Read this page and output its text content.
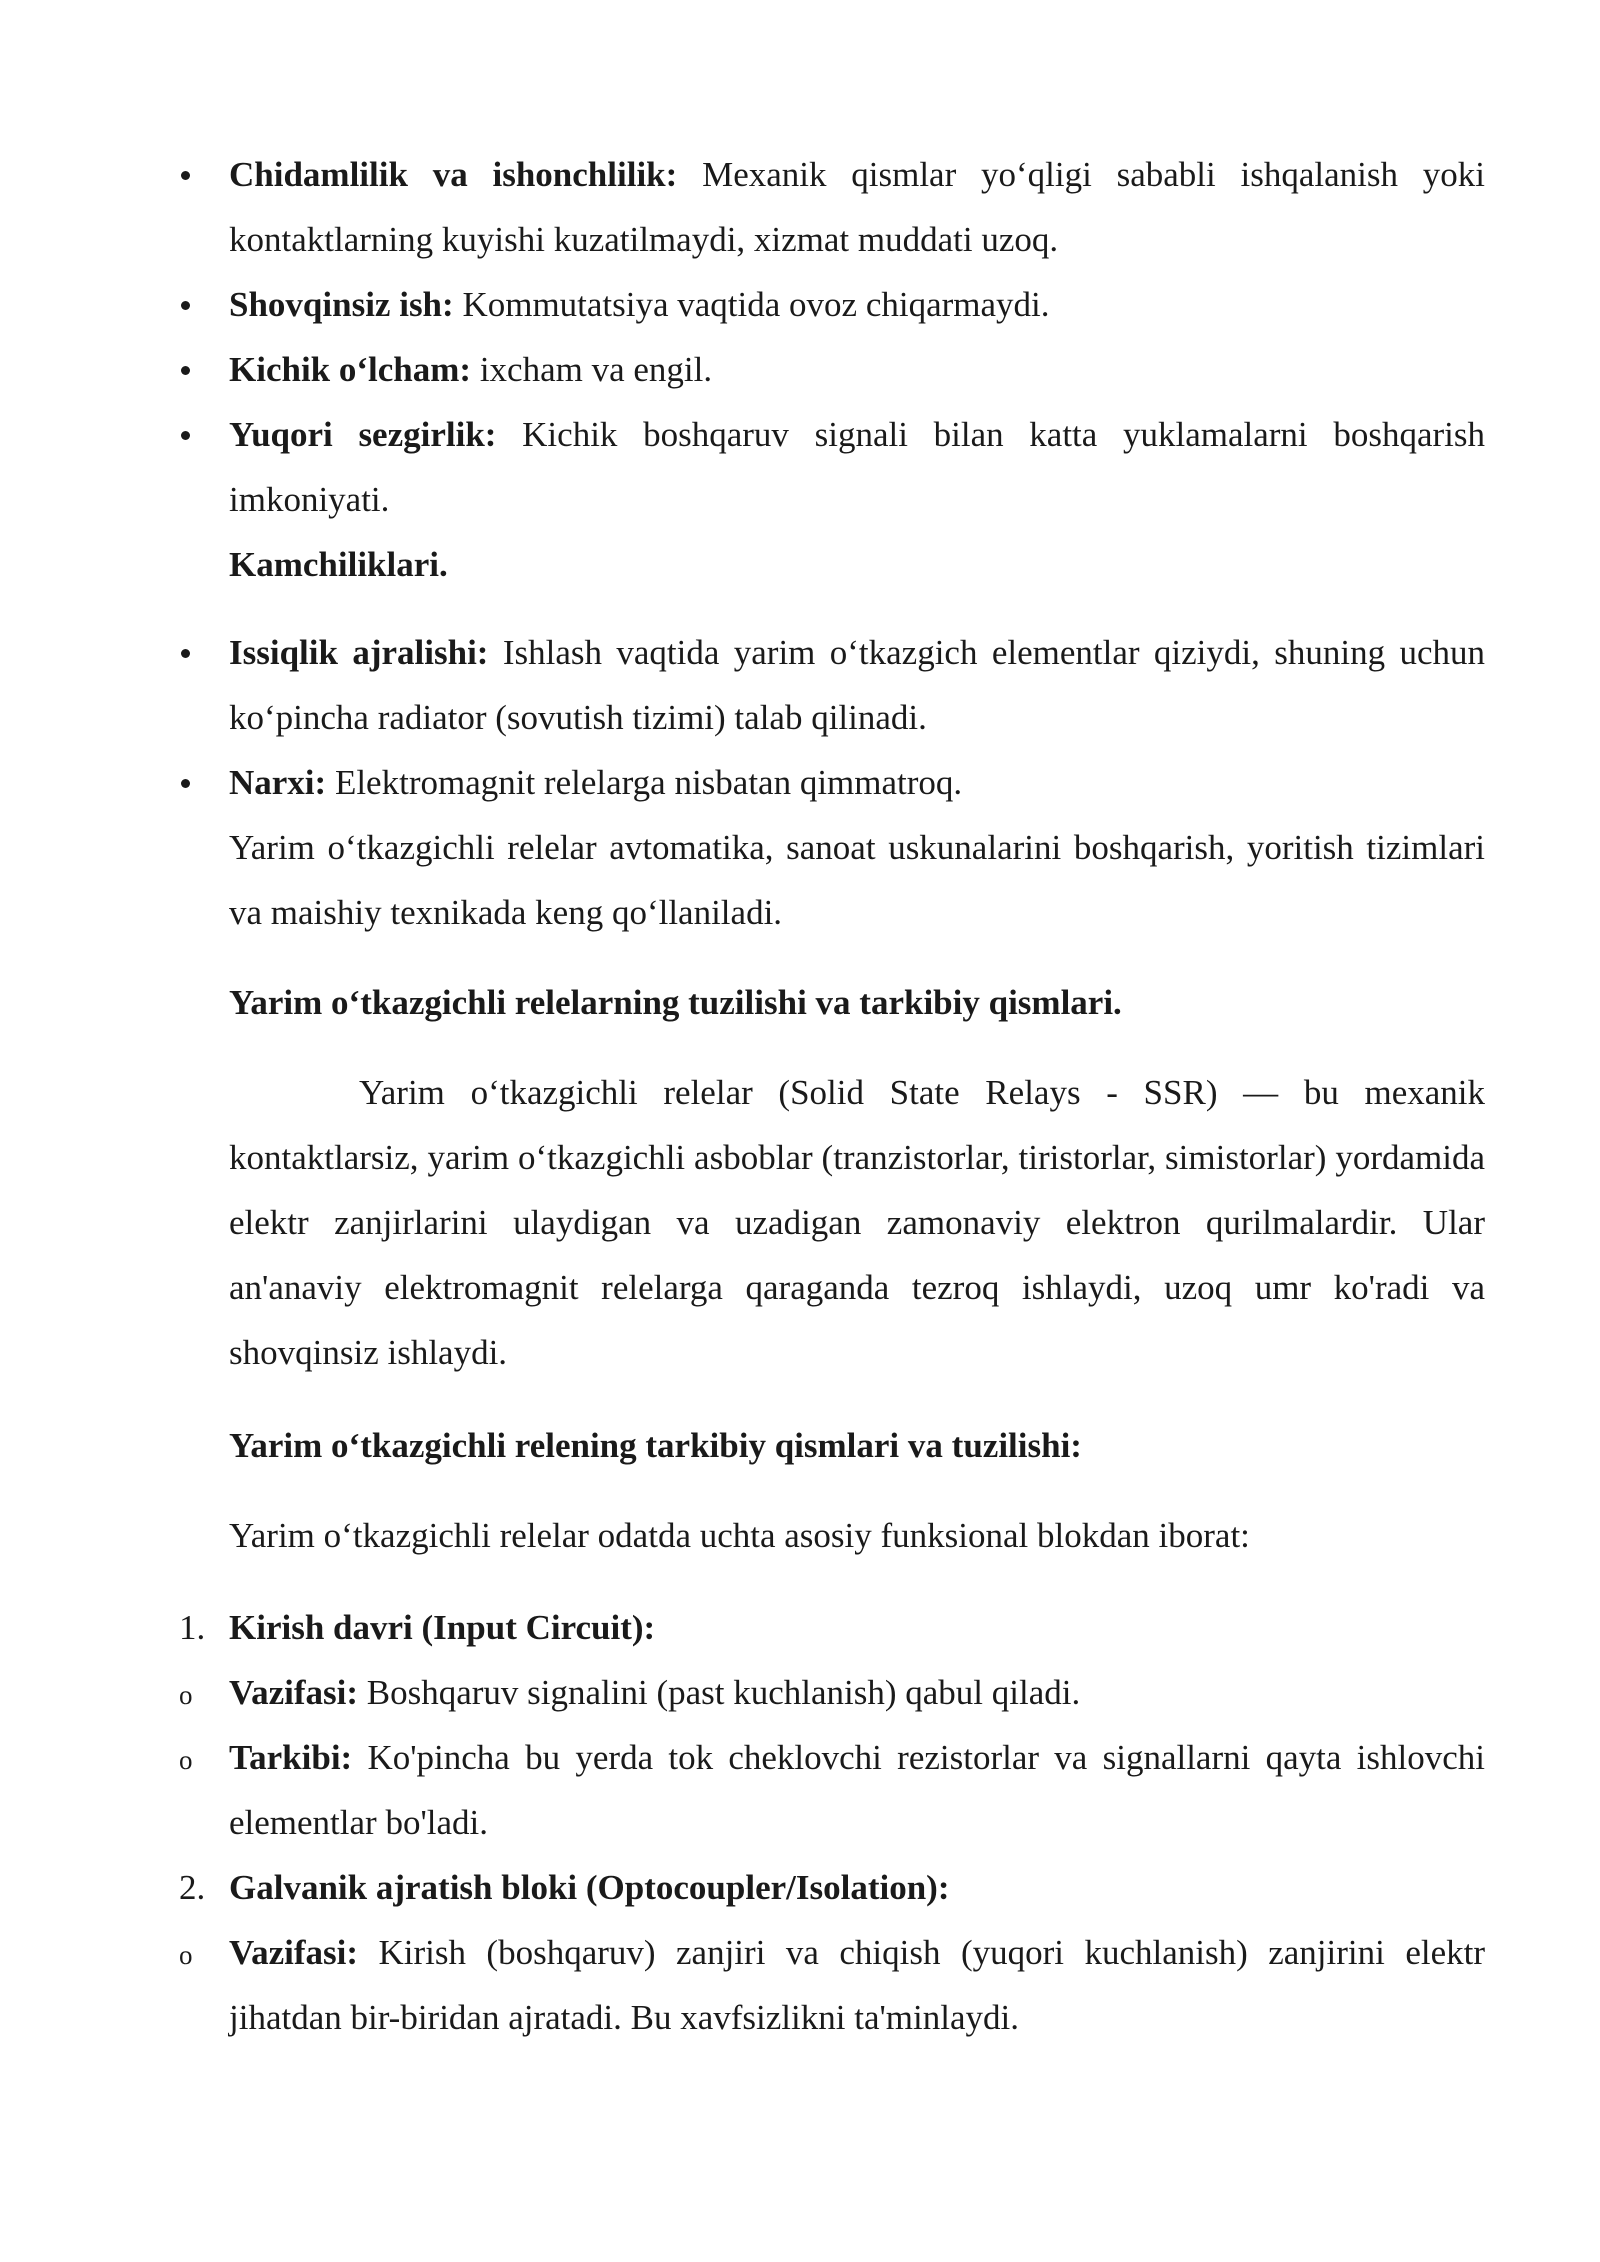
Chidamlilik va ishonchlilik: Mexanik qismlar yo‘qligi sababli ishqalanish yoki kontaktlarning kuyishi kuzatilmaydi, xizmat muddati uzoq.

Shovqinsiz ish: Kommutatsiya vaqtida ovoz chiqarmaydi.

Kichik o‘lcham: ixcham va engil.

Yuqori sezgirlik: Kichik boshqaruv signali bilan katta yuklamalarni boshqarish imkoniyati.

Kamchiliklari.

Issiqlik ajralishi: Ishlash vaqtida yarim o‘tkazgich elementlar qiziydi, shuning uchun ko‘pincha radiator (sovutish tizimi) talab qilinadi.

Narxi: Elektromagnit relelarga nisbatan qimmatroq.

Yarim o‘tkazgichli relelar avtomatika, sanoat uskunalarini boshqarish, yoritish tizimlari va maishiy texnikada keng qo‘llaniladi.

Yarim o‘tkazgichli relelarning tuzilishi va tarkibiy qismlari.

Yarim o‘tkazgichli relelar (Solid State Relays - SSR) — bu mexanik kontaktlarsiz, yarim o‘tkazgichli asboblar (tranzistorlar, tiristorlar, simistorlar) yordamida elektr zanjirlarini ulaydigan va uzadigan zamonaviy elektron qurilmalardir. Ular an'anaviy elektromagnit relelarga qaraganda tezroq ishlaydi, uzoq umr ko'radi va shovqinsiz ishlaydi.

Yarim o‘tkazgichli relening tarkibiy qismlari va tuzilishi:

Yarim o‘tkazgichli relelar odatda uchta asosiy funksional blokdan iborat:

1. Kirish davri (Input Circuit):

o Vazifasi: Boshqaruv signalini (past kuchlanish) qabul qiladi.

o Tarkibi: Ko'pincha bu yerda tok cheklovchi rezistorlar va signallarni qayta ishlovchi elementlar bo'ladi.

2. Galvanik ajratish bloki (Optocoupler/Isolation):

o Vazifasi: Kirish (boshqaruv) zanjiri va chiqish (yuqori kuchlanish) zanjirini elektr jihatdan bir-biridan ajratadi. Bu xavfsizlikni ta'minlaydi.
